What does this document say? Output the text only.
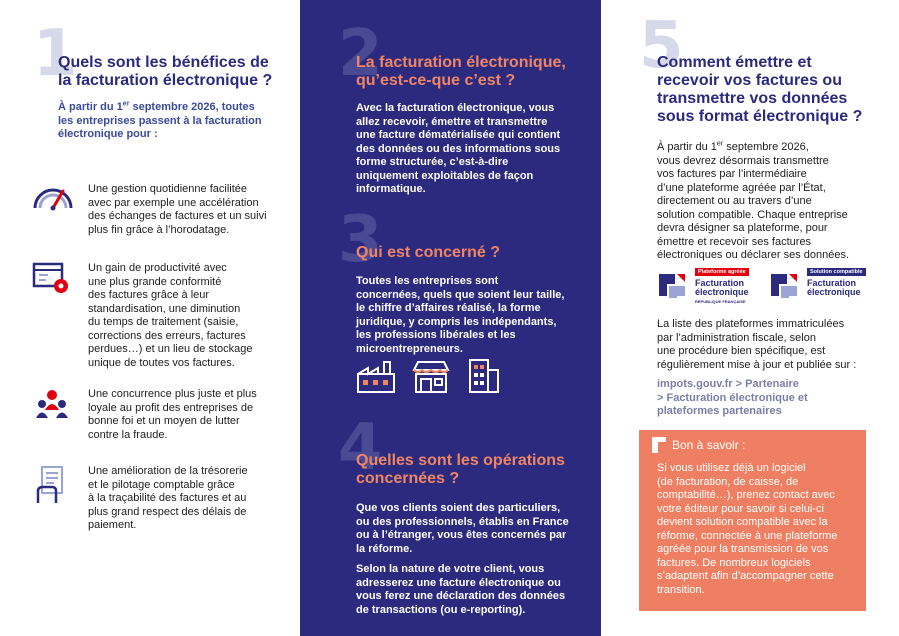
1
Quels sont les bénéfices de
la facturation électronique ?
À partir du 1er septembre 2026, toutes
les entreprises passent à la facturation
électronique pour :
Une gestion quotidienne facilitée
avec par exemple une accélération
des échanges de factures et un suivi
plus fin grâce à l’horodatage.
Un gain de productivité avec
une plus grande conformité
des factures grâce à leur
standardisation, une diminution
du temps de traitement (saisie,
corrections des erreurs, factures
perdues…) et un lieu de stockage
unique de toutes vos factures.
Une concurrence plus juste et plus
loyale au profit des entreprises de
bonne foi et un moyen de lutter
contre la fraude.
Une amélioration de la trésorerie
et le pilotage comptable grâce
à la traçabilité des factures et au
plus grand respect des délais de
paiement.
2
La facturation électronique,
qu’est-ce-que c’est ?
Avec la facturation électronique, vous
allez recevoir, émettre et transmettre
une facture dématérialisée qui contient
des données ou des informations sous
forme structurée, c’est-à-dire
uniquement exploitables de façon
informatique.
3
Qui est concerné ?
Toutes les entreprises sont
concernées, quels que soient leur taille,
le chiffre d’affaires réalisé, la forme
juridique, y compris les indépendants,
les professions libérales et les
microentrepreneurs.
4
Quelles sont les opérations
concernées ?
Que vos clients soient des particuliers,
ou des professionnels, établis en France
ou à l’étranger, vous êtes concernés par
la réforme.
Selon la nature de votre client, vous
adresserez une facture électronique ou
vous ferez une déclaration des données
de transactions (ou e-reporting).
5
Comment émettre et
recevoir vos factures ou
transmettre vos données
sous format électronique ?
À partir du 1er septembre 2026,
vous devrez désormais transmettre
vos factures par l’intermédiaire
d’une plateforme agréée par l’État,
directement ou au travers d’une
solution compatible. Chaque entreprise
devra désigner sa plateforme, pour
émettre et recevoir ses factures
électroniques ou déclarer ses données.
Plateforme agréée
Facturation
électronique
RÉPUBLIQUE FRANÇAISE
Solution compatible
Facturation
électronique
La liste des plateformes immatriculées
par l’administration fiscale, selon
une procédure bien spécifique, est
régulièrement mise à jour et publiée sur :
impots.gouv.fr > Partenaire
> Facturation électronique et
plateformes partenaires
Bon à savoir :
Si vous utilisez déjà un logiciel
(de facturation, de caisse, de
comptabilité…), prenez contact avec
votre éditeur pour savoir si celui-ci
devient solution compatible avec la
réforme, connectée à une plateforme
agréée pour la transmission de vos
factures. De nombreux logiciels
s’adaptent afin d’accompagner cette
transition.
